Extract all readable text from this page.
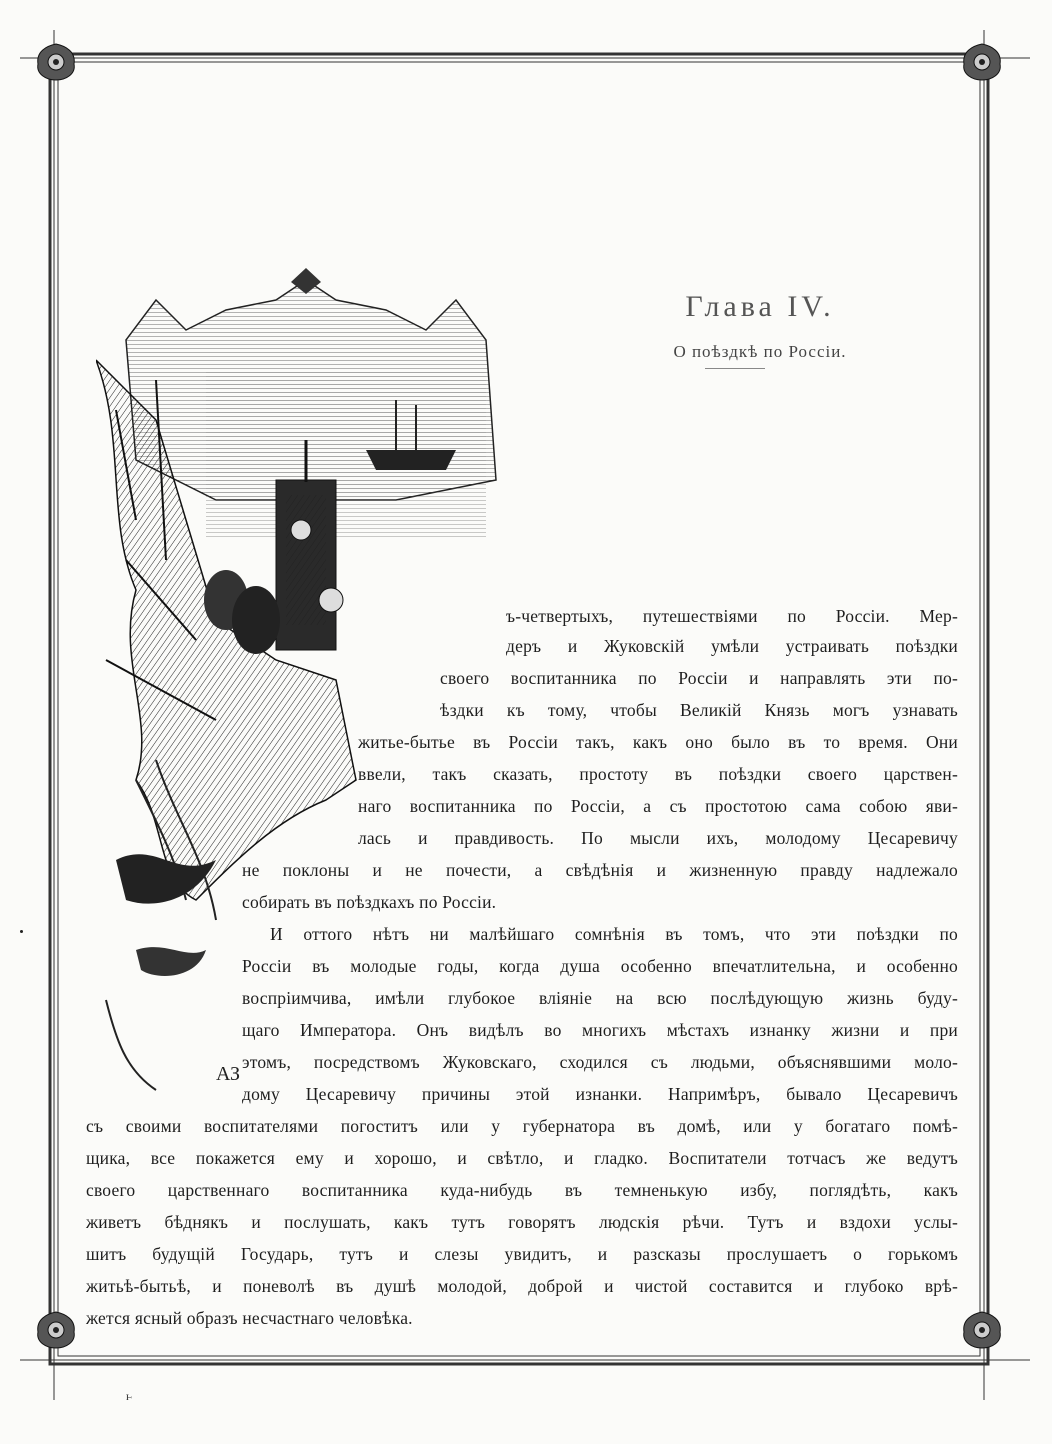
АЗ
Глава IV.
О поѣздкѣ по Россіи.
ъ-четвертыхъ, путешествіями по Россіи. Мер-
деръ и Жуковскій умѣли устраивать поѣздки
своего воспитанника по Россіи и направлять эти по-
ѣздки къ тому, чтобы Великій Князь могъ узнавать
житье-бытье въ Россіи такъ, какъ оно было въ то время. Они
ввели, такъ сказать, простоту въ поѣздки своего царствен-
наго воспитанника по Россіи, а съ простотою сама собою яви-
лась и правдивость. По мысли ихъ, молодому Цесаревичу
не поклоны и не почести, а свѣдѣнія и жизненную правду надлежало
собирать въ поѣздкахъ по Россіи.
И оттого нѣтъ ни малѣйшаго сомнѣнія въ томъ, что эти поѣздки по
Россіи въ молодые годы, когда душа особенно впечатлительна, и особенно
воспріимчива, имѣли глубокое вліяніе на всю послѣдующую жизнь буду-
щаго Императора. Онъ видѣлъ во многихъ мѣстахъ изнанку жизни и при
этомъ, посредствомъ Жуковскаго, сходился съ людьми, объяснявшими моло-
дому Цесаревичу причины этой изнанки. Напримѣръ, бывало Цесаревичъ
съ своими воспитателями погоститъ или у губернатора въ домѣ, или у богатаго помѣ-
щика, все покажется ему и хорошо, и свѣтло, и гладко. Воспитатели тотчасъ же ведутъ
своего царственнаго воспитанника куда-нибудь въ темненькую избу, поглядѣть, какъ
живетъ бѣднякъ и послушать, какъ тутъ говорятъ людскія рѣчи. Тутъ и вздохи услы-
шитъ будущій Государь, тутъ и слезы увидитъ, и разсказы прослушаетъ о горькомъ
житьѣ-бытьѣ, и поневолѣ въ душѣ молодой, доброй и чистой составится и глубоко врѣ-
жется ясный образъ несчастнаго человѣка.
ⱶ
